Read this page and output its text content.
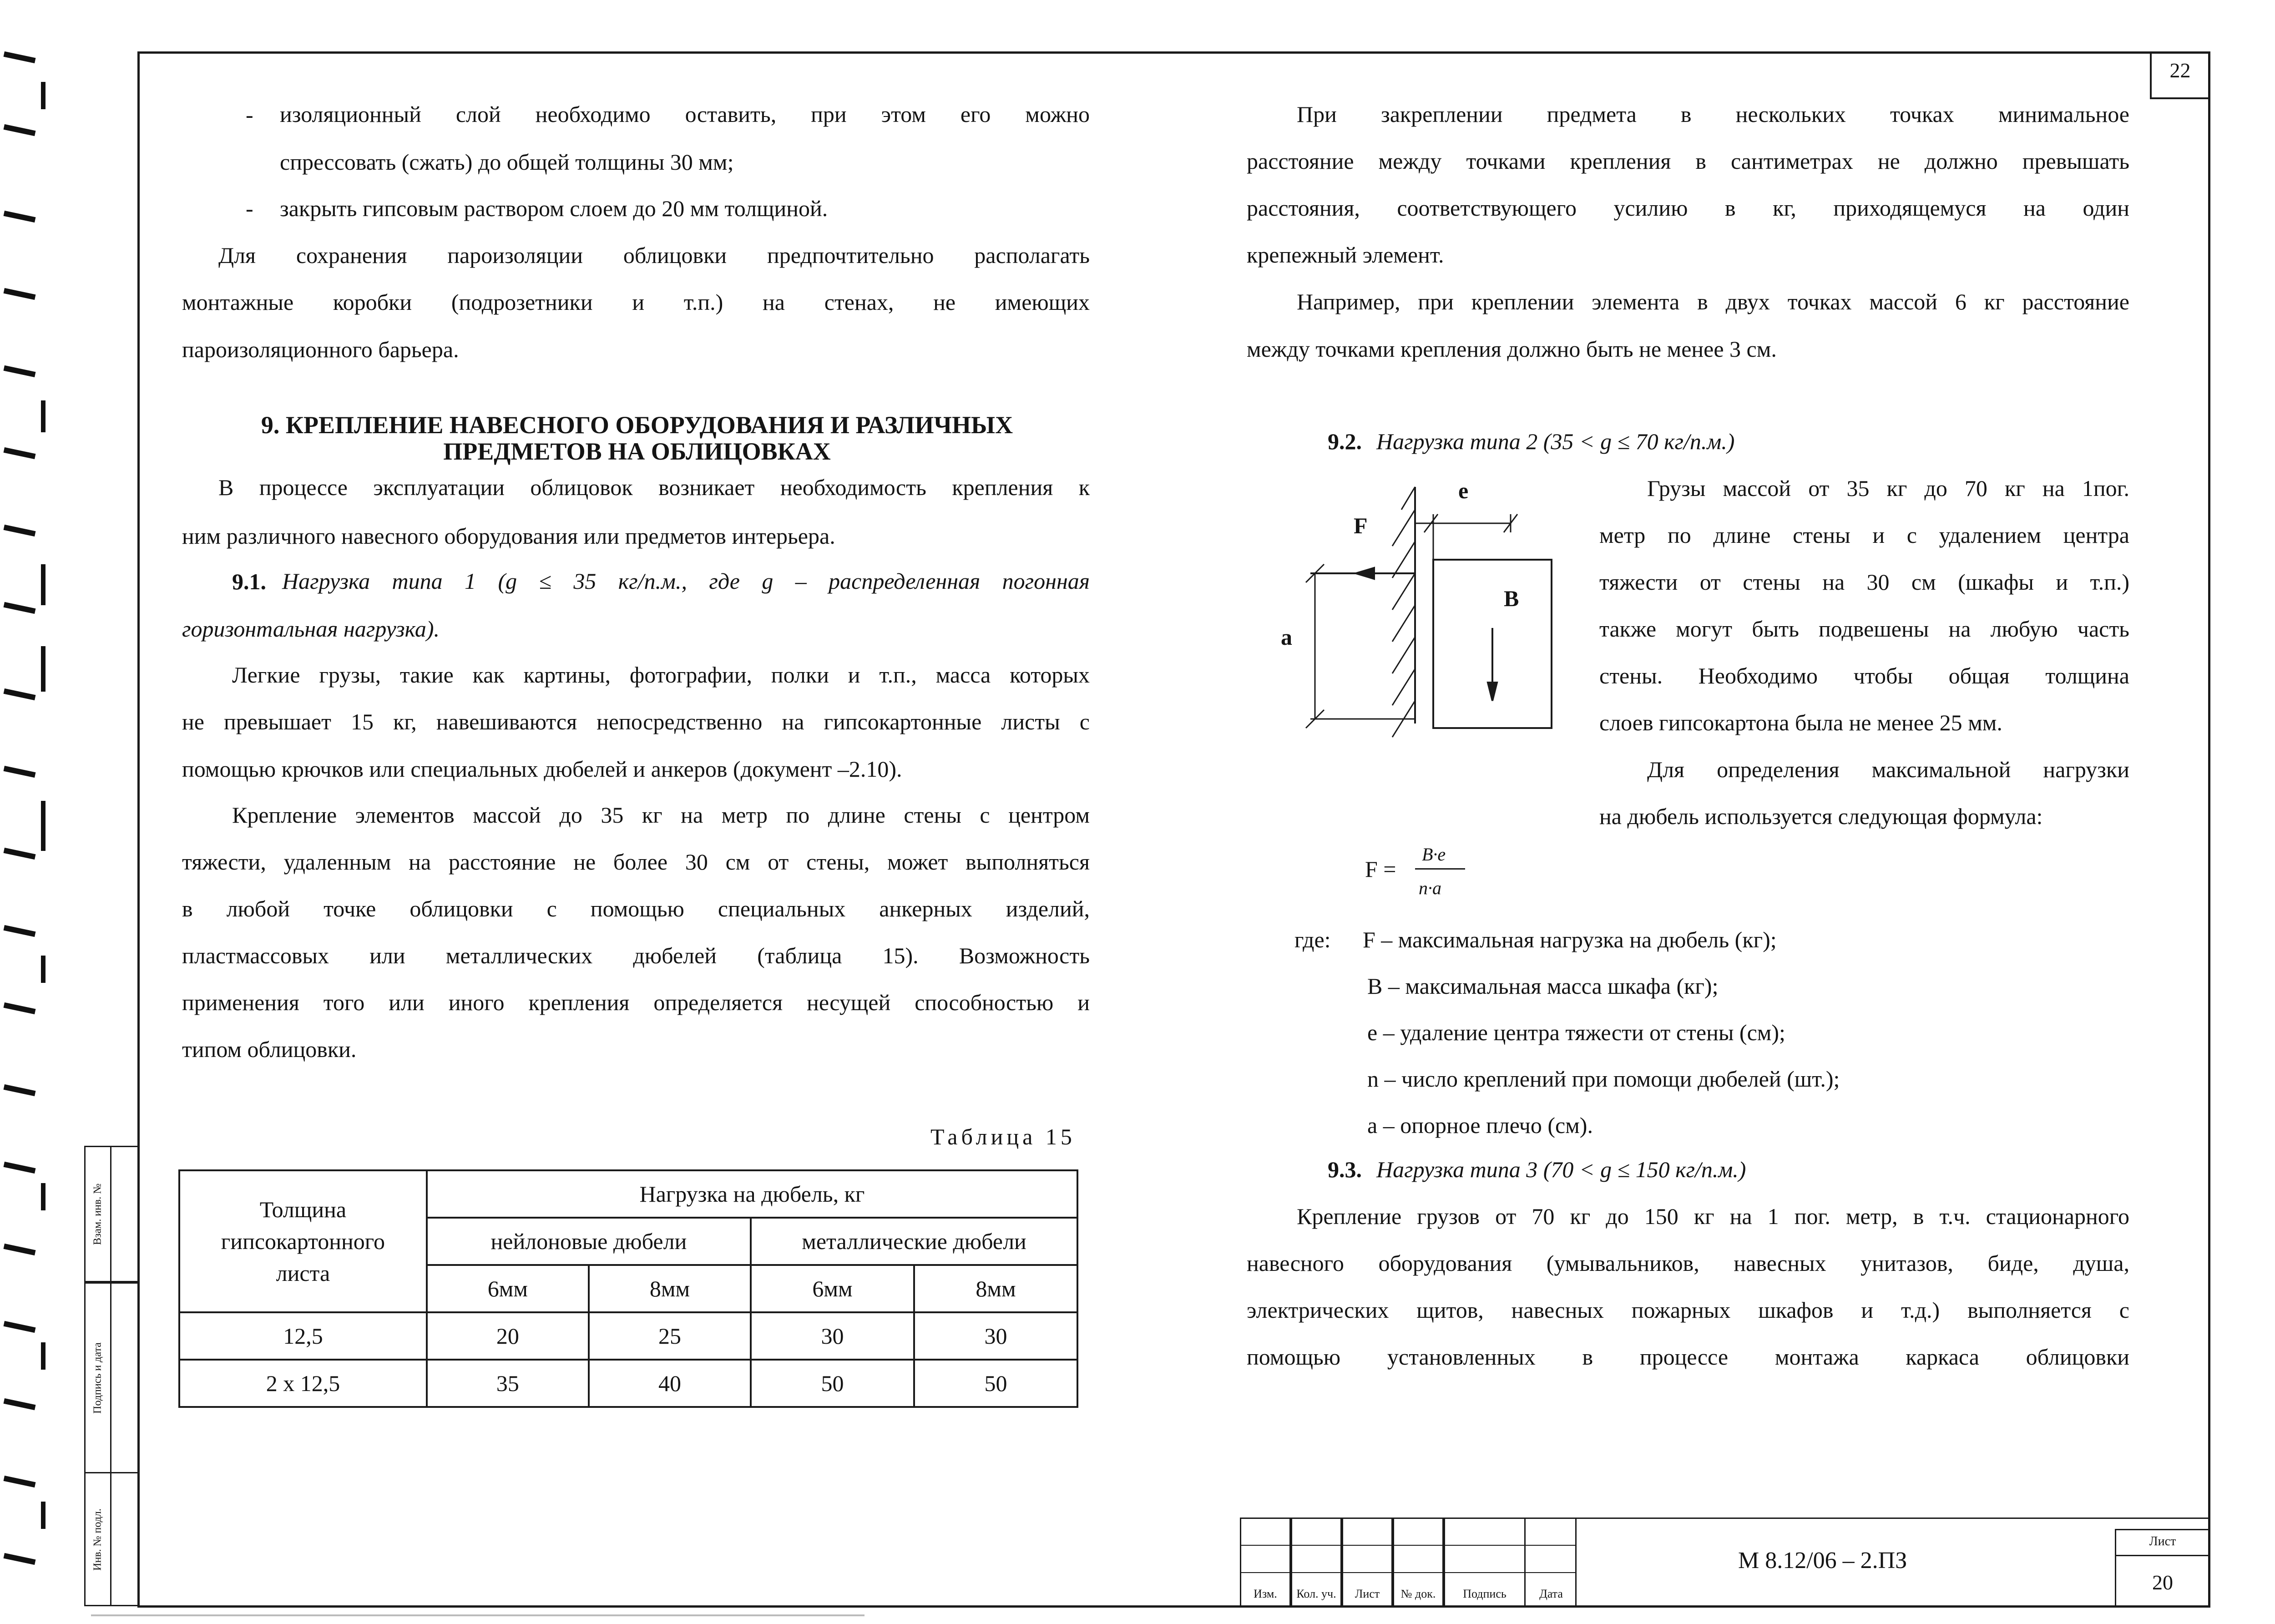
22
- изоляционный слой необходимо оставить, при этом его можно
спрессовать (сжать) до общей толщины 30 мм;
- закрыть гипсовым раствором слоем до 20 мм толщиной.
Для сохранения пароизоляции облицовки предпочтительно располагать
монтажные коробки (подрозетники и т.п.) на стенах, не имеющих
пароизоляционного барьера.
9. КРЕПЛЕНИЕ НАВЕСНОГО ОБОРУДОВАНИЯ И РАЗЛИЧНЫХ
ПРЕДМЕТОВ НА ОБЛИЦОВКАХ
В процессе эксплуатации облицовок возникает необходимость крепления к
ним различного навесного оборудования или предметов интерьера.
9.1. Нагрузка типа 1 (g ≤ 35 кг/п.м., где g – распределенная погонная
горизонтальная нагрузка).
Легкие грузы, такие как картины, фотографии, полки и т.п., масса которых
не превышает 15 кг, навешиваются непосредственно на гипсокартонные листы с
помощью крючков или специальных дюбелей и анкеров (документ –2.10).
Крепление элементов массой до 35 кг на метр по длине стены с центром
тяжести, удаленным на расстояние не более 30 см от стены, может выполняться
в любой точке облицовки с помощью специальных анкерных изделий,
пластмассовых или металлических дюбелей (таблица 15). Возможность
применения того или иного крепления определяется несущей способностью и
типом облицовки.
Таблица 15
Толщина гипсокартонного листа	Нагрузка на дюбель, кг			
	нейлоновые дюбели		металлические дюбели	
	6мм	8мм	6мм	8мм
12,5	20	25	30	30
2 х 12,5	35	40	50	50
При закреплении предмета в нескольких точках минимальное
расстояние между точками крепления в сантиметрах не должно превышать
расстояния, соответствующего усилию в кг, приходящемуся на один
крепежный элемент.
Например, при креплении элемента в двух точках массой 6 кг расстояние
между точками крепления должно быть не менее 3 см.
9.2. Нагрузка типа 2 (35 < g ≤ 70 кг/п.м.)
e
F
B
a
Грузы массой от 35 кг до 70 кг на 1пог.
метр по длине стены и с удалением центра
тяжести от стены на 30 см (шкафы и т.п.)
также могут быть подвешены на любую часть
стены. Необходимо чтобы общая толщина
слоев гипсокартона была не менее 25 мм.
Для определения максимальной нагрузки
на дюбель используется следующая формула:
F =
B·e
n·a
где: F – максимальная нагрузка на дюбель (кг);
B – максимальная масса шкафа (кг);
e – удаление центра тяжести от стены (см);
n – число креплений при помощи дюбелей (шт.);
a – опорное плечо (см).
9.3. Нагрузка типа 3 (70 < g ≤ 150 кг/п.м.)
Крепление грузов от 70 кг до 150 кг на 1 пог. метр, в т.ч. стационарного
навесного оборудования (умывальников, навесных унитазов, биде, душа,
электрических щитов, навесных пожарных шкафов и т.д.) выполняется с
помощью установленных в процессе монтажа каркаса облицовки
Взам. инв. №
Подпись и дата
Инв. № подл.
Изм.	Кол. уч.	Лист	№ док.	Подпись	Дата
М 8.12/06 – 2.ПЗ
Лист
20
